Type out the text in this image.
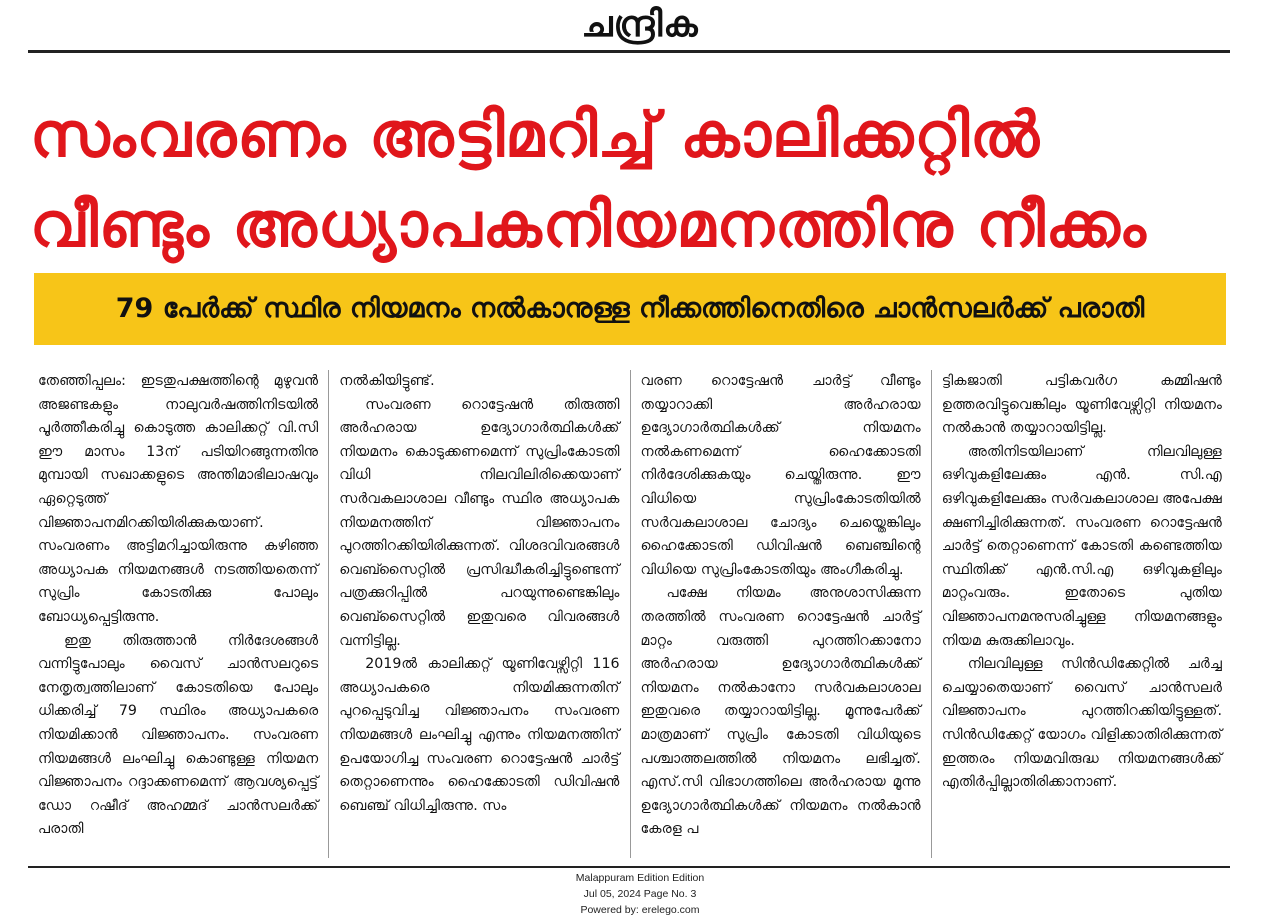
ചന്ദ്രിക
സംവരണം അട്ടിമറിച്ച് കാലിക്കറ്റിൽ
വീണ്ടും അധ്യാപകനിയമനത്തിനു നീക്കം
79 പേർക്ക് സ്ഥിര നിയമനം നൽകാനുള്ള നീക്കത്തിനെതിരെ ചാൻസലർക്ക് പരാതി

തേഞ്ഞിപ്പലം: ഇടതുപക്ഷത്തിന്റെ മുഴുവൻ അജണ്ടകളും നാലുവർഷത്തിനിടയിൽ പൂർത്തീകരിച്ചു കൊടുത്ത കാലിക്കറ്റ് വി.സി ഈ മാസം 13ന് പടിയിറങ്ങുന്നതിനു മുമ്പായി സഖാക്കളുടെ അന്തിമാഭിലാഷവും ഏറ്റെടുത്ത് വിജ്ഞാപനമിറക്കിയിരിക്കുകയാണ്. സംവരണം അട്ടിമറിച്ചായിരുന്നു കഴിഞ്ഞ അധ്യാപക നിയമനങ്ങൾ നടത്തിയതെന്ന് സുപ്രിം കോടതിക്കു പോലും ബോധ്യപ്പെട്ടിരുന്നു.

ഇതു തിരുത്താൻ നിർദേശങ്ങൾ വന്നിട്ടുപോലും വൈസ് ചാൻസലറുടെ നേതൃത്വത്തിലാണ് കോടതിയെ പോലും ധിക്കരിച്ച് 79 സ്ഥിരം അധ്യാപകരെ നിയമിക്കാൻ വിജ്ഞാപനം. സംവരണ നിയമങ്ങൾ ലംഘിച്ചു കൊണ്ടുള്ള നിയമന വിജ്ഞാപനം റദ്ദാക്കണമെന്ന് ആവശ്യപ്പെട്ട് ഡോ റഷീദ് അഹമ്മദ് ചാൻസലർക്ക് പരാതി

നൽകിയിട്ടുണ്ട്.

സംവരണ റൊട്ടേഷൻ തിരുത്തി അർഹരായ ഉദ്യോഗാർത്ഥികൾക്ക് നിയമനം കൊടുക്കണമെന്ന് സുപ്രിംകോടതി വിധി നിലവിലിരിക്കെയാണ് സർവകലാശാല വീണ്ടും സ്ഥിര അധ്യാപക നിയമനത്തിന് വിജ്ഞാപനം പുറത്തിറക്കിയിരിക്കുന്നത്. വിശദവിവരങ്ങൾ വെബ്സൈറ്റിൽ പ്രസിദ്ധീകരിച്ചിട്ടുണ്ടെന്ന് പത്രക്കുറിപ്പിൽ പറയുന്നുണ്ടെങ്കിലും വെബ്സൈറ്റിൽ ഇതുവരെ വിവരങ്ങൾ വന്നിട്ടില്ല.

2019ൽ കാലിക്കറ്റ് യൂണിവേഴ്സിറ്റി 116 അധ്യാപകരെ നിയമിക്കുന്നതിന് പുറപ്പെടുവിച്ച വിജ്ഞാപനം സംവരണ നിയമങ്ങൾ ലംഘിച്ചു എന്നും നിയമനത്തിന് ഉപയോഗിച്ച സംവരണ റൊട്ടേഷൻ ചാർട്ട് തെറ്റാണെന്നും ഹൈക്കോടതി ഡിവിഷൻ ബെഞ്ച് വിധിച്ചിരുന്നു. സം

വരണ റൊട്ടേഷൻ ചാർട്ട് വീണ്ടും തയ്യാറാക്കി അർഹരായ ഉദ്യോഗാർത്ഥികൾക്ക് നിയമനം നൽകണമെന്ന് ഹൈക്കോടതി നിർദേശിക്കുകയും ചെയ്തിരുന്നു. ഈ വിധിയെ സുപ്രിംകോടതിയിൽ സർവകലാശാല ചോദ്യം ചെയ്തെങ്കിലും ഹൈക്കോടതി ഡിവിഷൻ ബെഞ്ചിന്റെ വിധിയെ സുപ്രിംകോടതിയും അംഗീകരിച്ചു.

പക്ഷേ നിയമം അനുശാസിക്കുന്ന തരത്തിൽ സംവരണ റൊട്ടേഷൻ ചാർട്ട് മാറ്റം വരുത്തി പുറത്തിറക്കാനോ അർഹരായ ഉദ്യോഗാർത്ഥികൾക്ക് നിയമനം നൽകാനോ സർവകലാശാല ഇതുവരെ തയ്യാറായിട്ടില്ല. മൂന്നുപേർക്ക് മാത്രമാണ് സുപ്രിം കോടതി വിധിയുടെ പശ്ചാത്തലത്തിൽ നിയമനം ലഭിച്ചത്. എസ്.സി വിഭാഗത്തിലെ അർഹരായ മൂന്നു ഉദ്യോഗാർത്ഥികൾക്ക് നിയമനം നൽകാൻ കേരള പ

ട്ടികജാതി പട്ടികവർഗ കമ്മിഷൻ ഉത്തരവിട്ടുവെങ്കിലും യൂണിവേഴ്സിറ്റി നിയമനം നൽകാൻ തയ്യാറായിട്ടില്ല.

അതിനിടയിലാണ് നിലവിലുള്ള ഒഴിവുകളിലേക്കും എൻ. സി.എ ഒഴിവുകളിലേക്കും സർവകലാശാല അപേക്ഷ ക്ഷണിച്ചിരിക്കുന്നത്. സംവരണ റൊട്ടേഷൻ ചാർട്ട് തെറ്റാണെന്ന് കോടതി കണ്ടെത്തിയ സ്ഥിതിക്ക് എൻ.സി.എ ഒഴിവുകളിലും മാറ്റംവരും. ഇതോടെ പുതിയ വിജ്ഞാപനമനുസരിച്ചുള്ള നിയമനങ്ങളും നിയമ കുരുക്കിലാവും.

നിലവിലുള്ള സിൻഡിക്കേറ്റിൽ ചർച്ച ചെയ്യാതെയാണ് വൈസ് ചാൻസലർ വിജ്ഞാപനം പുറത്തിറക്കിയിട്ടുള്ളത്. സിൻഡിക്കേറ്റ് യോഗം വിളിക്കാതിരിക്കുന്നത് ഇത്തരം നിയമവിരുദ്ധ നിയമനങ്ങൾക്ക് എതിർപ്പില്ലാതിരിക്കാനാണ്.

Malappuram Edition Edition
Jul 05, 2024 Page No. 3
Powered by: erelego.com
